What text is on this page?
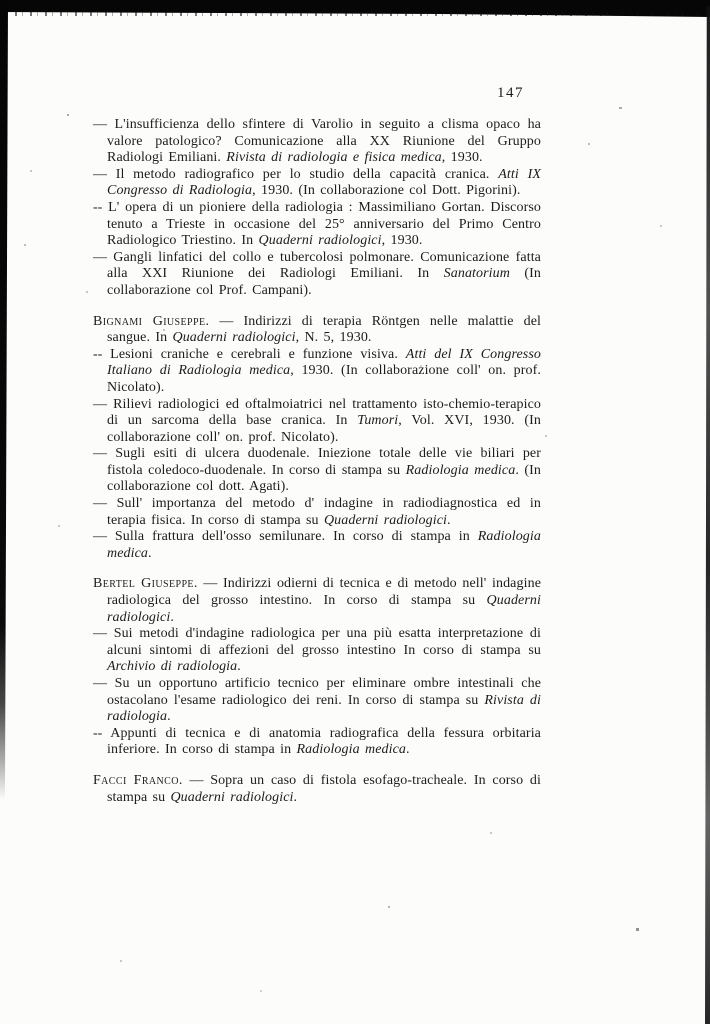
147

— L'insufficienza dello sfintere di Varolio in seguito a clisma opaco ha valore patologico? Comunicazione alla XX Riunione del Gruppo Radiologi Emiliani. Rivista di radiologia e fisica medica, 1930.

— Il metodo radiografico per lo studio della capacità cranica. Atti IX Congresso di Radiologia, 1930. (In collaborazione col Dott. Pigorini).

-- L' opera di un pioniere della radiologia : Massimiliano Gortan. Discorso tenuto a Trieste in occasione del 25° anniversario del Primo Centro Radiologico Triestino. In Quaderni radiologici, 1930.

— Gangli linfatici del collo e tubercolosi polmonare. Comunicazione fatta alla XXI Riunione dei Radiologi Emiliani. In Sanatorium (In collaborazione col Prof. Campani).

Bignami Giuseppe. — Indirizzi di terapia Röntgen nelle malattie del sangue. In Quaderni radiologici, N. 5, 1930.

-- Lesioni craniche e cerebrali e funzione visiva. Atti del IX Congresso Italiano di Radiologia medica, 1930. (In collaborazione coll' on. prof. Nicolato).

— Rilievi radiologici ed oftalmoiatrici nel trattamento isto-chemio-terapico di un sarcoma della base cranica. In Tumori, Vol. XVI, 1930. (In collaborazione coll' on. prof. Nicolato).

— Sugli esiti di ulcera duodenale. Iniezione totale delle vie biliari per fistola coledoco-duodenale. In corso di stampa su Radiologia medica. (In collaborazione col dott. Agati).

— Sull' importanza del metodo d' indagine in radiodiagnostica ed in terapia fisica. In corso di stampa su Quaderni radiologici.

— Sulla frattura dell'osso semilunare. In corso di stampa in Radiologia medica.

Bertel Giuseppe. — Indirizzi odierni di tecnica e di metodo nell' indagine radiologica del grosso intestino. In corso di stampa su Quaderni radiologici.

— Sui metodi d'indagine radiologica per una più esatta interpretazione di alcuni sintomi di affezioni del grosso intestino In corso di stampa su Archivio di radiologia.

— Su un opportuno artificio tecnico per eliminare ombre intestinali che ostacolano l'esame radiologico dei reni. In corso di stampa su Rivista di radiologia.

-- Appunti di tecnica e di anatomia radiografica della fessura orbitaria inferiore. In corso di stampa in Radiologia medica.

Facci Franco. — Sopra un caso di fistola esofago-tracheale. In corso di stampa su Quaderni radiologici.
